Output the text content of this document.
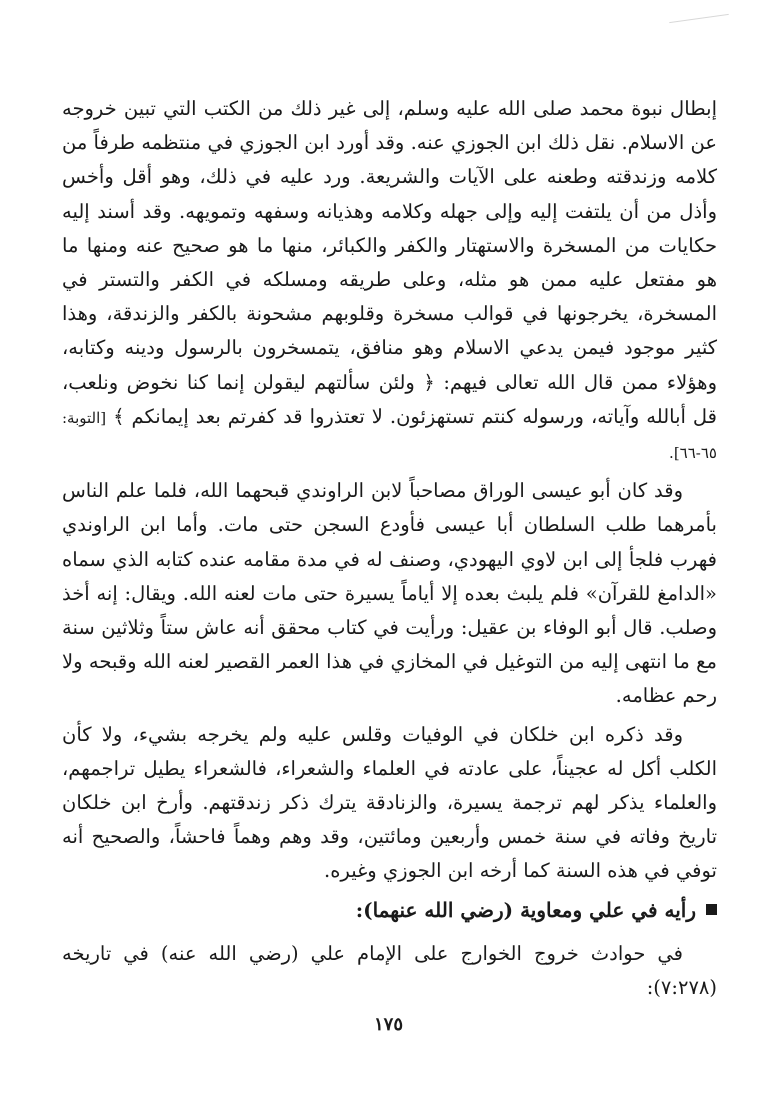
إبطال نبوة محمد صلى الله عليه وسلم، إلى غير ذلك من الكتب التي تبين خروجه عن الاسلام. نقل ذلك ابن الجوزي عنه. وقد أورد ابن الجوزي في منتظمه طرفاً من كلامه وزندقته وطعنه على الآيات والشريعة. ورد عليه في ذلك، وهو أقل وأخس وأذل من أن يلتفت إليه وإلى جهله وكلامه وهذيانه وسفهه وتمويهه. وقد أسند إليه حكايات من المسخرة والاستهتار والكفر والكبائر، منها ما هو صحيح عنه ومنها ما هو مفتعل عليه ممن هو مثله، وعلى طريقه ومسلكه في الكفر والتستر في المسخرة، يخرجونها في قوالب مسخرة وقلوبهم مشحونة بالكفر والزندقة، وهذا كثير موجود فيمن يدعي الاسلام وهو منافق، يتمسخرون بالرسول ودينه وكتابه، وهؤلاء ممن قال الله تعالى فيهم: ﴿ ولئن سألتهم ليقولن إنما كنا نخوض ونلعب، قل أبالله وآياته، ورسوله كنتم تستهزئون. لا تعتذروا قد كفرتم بعد إيمانكم ﴾ [التوبة: ٦٥-٦٦].

وقد كان أبو عيسى الوراق مصاحباً لابن الراوندي قبحهما الله، فلما علم الناس بأمرهما طلب السلطان أبا عيسى فأودع السجن حتى مات. وأما ابن الراوندي فهرب فلجأ إلى ابن لاوي اليهودي، وصنف له في مدة مقامه عنده كتابه الذي سماه «الدامغ للقرآن» فلم يلبث بعده إلا أياماً يسيرة حتى مات لعنه الله. ويقال: إنه أخذ وصلب. قال أبو الوفاء بن عقيل: ورأيت في كتاب محقق أنه عاش ستاً وثلاثين سنة مع ما انتهى إليه من التوغيل في المخازي في هذا العمر القصير لعنه الله وقبحه ولا رحم عظامه.

وقد ذكره ابن خلكان في الوفيات وقلس عليه ولم يخرجه بشيء، ولا كأن الكلب أكل له عجيناً، على عادته في العلماء والشعراء، فالشعراء يطيل تراجمهم، والعلماء يذكر لهم ترجمة يسيرة، والزنادقة يترك ذكر زندقتهم. وأرخ ابن خلكان تاريخ وفاته في سنة خمس وأربعين ومائتين، وقد وهم وهماً فاحشاً، والصحيح أنه توفي في هذه السنة كما أرخه ابن الجوزي وغيره.

رأيه في علي ومعاوية (رضي الله عنهما):

في حوادث خروج الخوارج على الإمام علي (رضي الله عنه) في تاريخه (٧:٢٧٨):

١٧٥
